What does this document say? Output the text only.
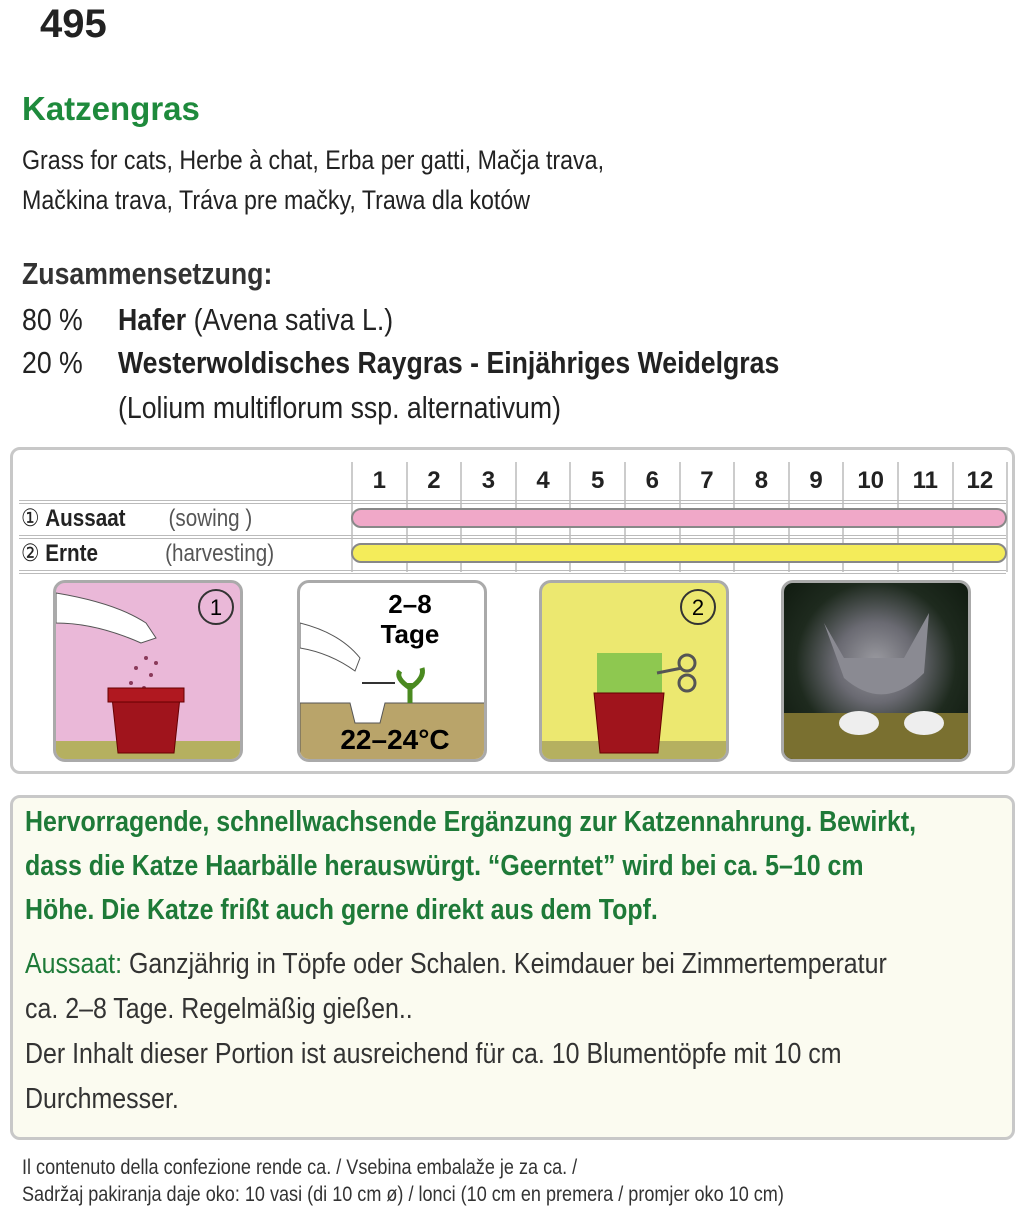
495
Katzengras
Grass for cats, Herbe à chat, Erba per gatti, Mačja trava,
Mačkina trava, Tráva pre mačky, Trawa dla kotów
Zusammensetzung:
80 % Hafer (Avena sativa L.)
20 % Westerwoldisches Raygras - Einjähriges Weidelgras
(Lolium multiflorum ssp. alternativum)
1	2	3	4	5	6	7	8	9	10	11	12
① Aussaat (sowing )
② Ernte	(harvesting)
1	2–8
Tage
22–24°C
2
Hervorragende, schnellwachsende Ergänzung zur Katzennahrung. Bewirkt,
dass die Katze Haarbälle herauswürgt. “Geerntet” wird bei ca. 5–10 cm
Höhe. Die Katze frißt auch gerne direkt aus dem Topf.
Aussaat: Ganzjährig in Töpfe oder Schalen. Keimdauer bei Zimmertemperatur
ca. 2–8 Tage. Regelmäßig gießen..
Der Inhalt dieser Portion ist ausreichend für ca. 10 Blumentöpfe mit 10 cm
Durchmesser.
Il contenuto della confezione rende ca. / Vsebina embalaže je za ca. /
Sadržaj pakiranja daje oko: 10 vasi (di 10 cm ø) / lonci (10 cm en premera / promjer oko 10 cm)
